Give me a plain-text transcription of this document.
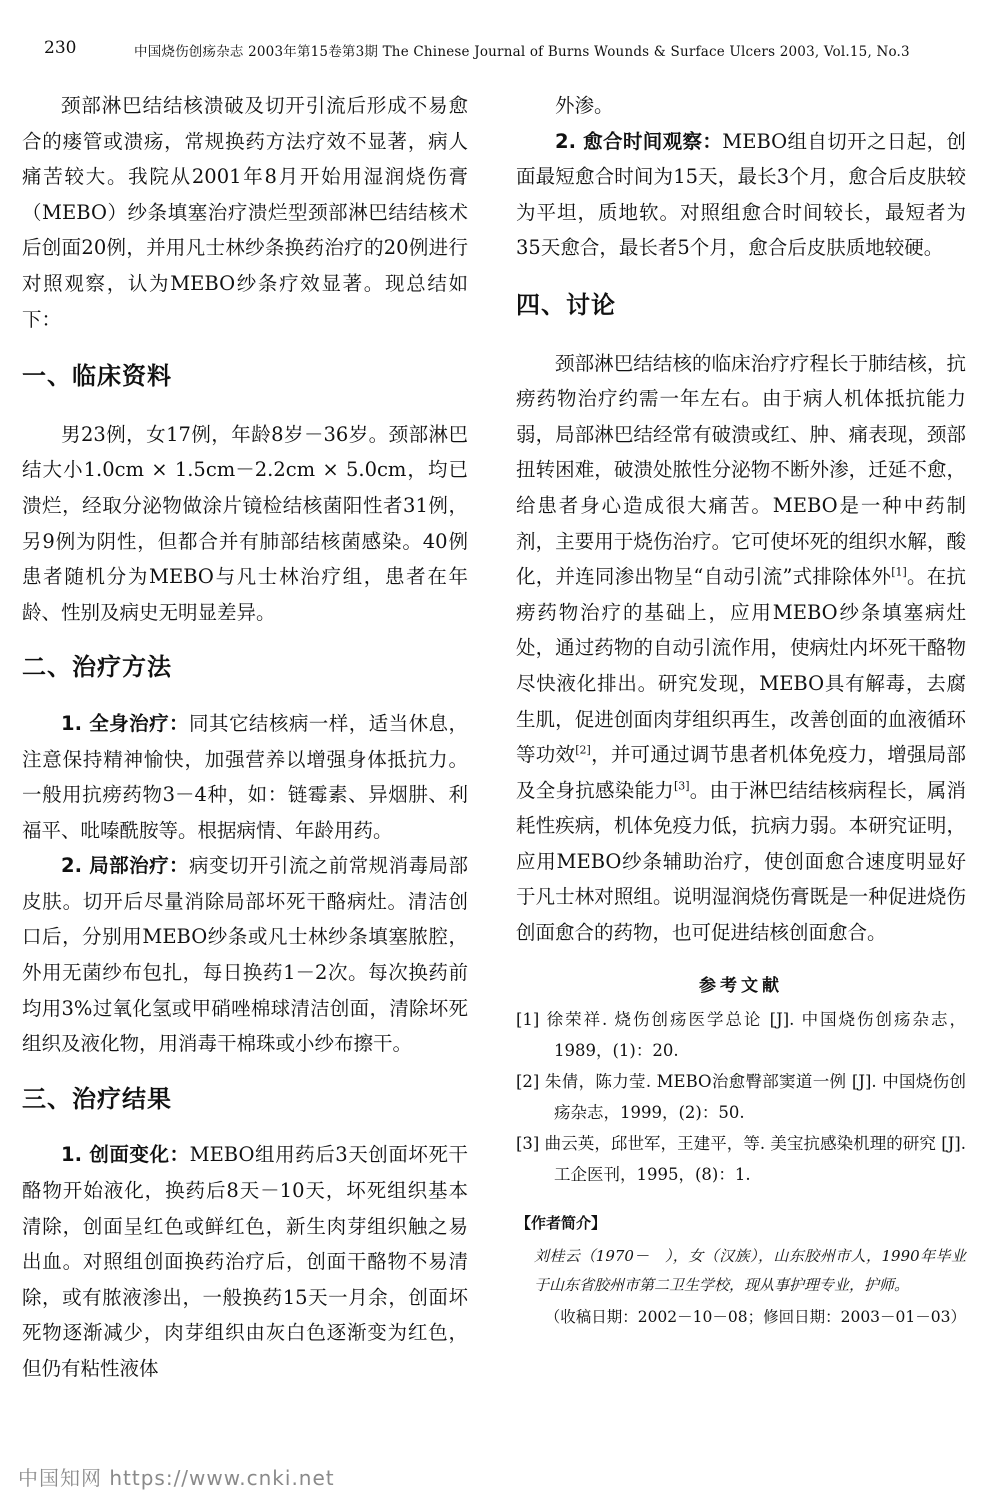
230	中国烧伤创疡杂志 2003年第15卷第3期 The Chinese Journal of Burns Wounds & Surface Ulcers 2003, Vol.15, No.3

颈部淋巴结结核溃破及切开引流后形成不易愈合的瘘管或溃疡，常规换药方法疗效不显著，病人痛苦较大。我院从2001年8月开始用湿润烧伤膏（MEBO）纱条填塞治疗溃烂型颈部淋巴结结核术后创面20例，并用凡士林纱条换药治疗的20例进行对照观察，认为MEBO纱条疗效显著。现总结如下：

一、临床资料

男23例，女17例，年龄8岁－36岁。颈部淋巴结大小1.0cm × 1.5cm－2.2cm × 5.0cm，均已溃烂，经取分泌物做涂片镜检结核菌阳性者31例，另9例为阴性，但都合并有肺部结核菌感染。40例患者随机分为MEBO与凡士林治疗组，患者在年龄、性别及病史无明显差异。

二、治疗方法

1. 全身治疗：同其它结核病一样，适当休息，注意保持精神愉快，加强营养以增强身体抵抗力。一般用抗痨药物3－4种，如：链霉素、异烟肼、利福平、吡嗪酰胺等。根据病情、年龄用药。

2. 局部治疗：病变切开引流之前常规消毒局部皮肤。切开后尽量消除局部坏死干酪病灶。清洁创口后，分别用MEBO纱条或凡士林纱条填塞脓腔，外用无菌纱布包扎，每日换药1－2次。每次换药前均用3%过氧化氢或甲硝唑棉球清洁创面，清除坏死组织及液化物，用消毒干棉珠或小纱布擦干。

三、治疗结果

1. 创面变化：MEBO组用药后3天创面坏死干酪物开始液化，换药后8天－10天，坏死组织基本清除，创面呈红色或鲜红色，新生肉芽组织触之易出血。对照组创面换药治疗后，创面干酪物不易清除，或有脓液渗出，一般换药15天一月余，创面坏死物逐渐减少，肉芽组织由灰白色逐渐变为红色，但仍有粘性液体

外渗。

2. 愈合时间观察：MEBO组自切开之日起，创面最短愈合时间为15天，最长3个月，愈合后皮肤较为平坦，质地软。对照组愈合时间较长，最短者为35天愈合，最长者5个月，愈合后皮肤质地较硬。

四、讨论

颈部淋巴结结核的临床治疗疗程长于肺结核，抗痨药物治疗约需一年左右。由于病人机体抵抗能力弱，局部淋巴结经常有破溃或红、肿、痛表现，颈部扭转困难，破溃处脓性分泌物不断外渗，迁延不愈，给患者身心造成很大痛苦。MEBO是一种中药制剂，主要用于烧伤治疗。它可使坏死的组织水解，酸化，并连同渗出物呈“自动引流”式排除体外[1]。在抗痨药物治疗的基础上，应用MEBO纱条填塞病灶处，通过药物的自动引流作用，使病灶内坏死干酪物尽快液化排出。研究发现，MEBO具有解毒，去腐生肌，促进创面肉芽组织再生，改善创面的血液循环等功效[2]，并可通过调节患者机体免疫力，增强局部及全身抗感染能力[3]。由于淋巴结结核病程长，属消耗性疾病，机体免疫力低，抗病力弱。本研究证明，应用MEBO纱条辅助治疗，使创面愈合速度明显好于凡士林对照组。说明湿润烧伤膏既是一种促进烧伤创面愈合的药物，也可促进结核创面愈合。

参考文献
[1] 徐荣祥. 烧伤创疡医学总论 [J]. 中国烧伤创疡杂志，1989，(1)：20.
[2] 朱倩，陈力莹. MEBO治愈臀部窦道一例 [J]. 中国烧伤创疡杂志，1999，(2)：50.
[3] 曲云英，邱世军，王建平，等. 美宝抗感染机理的研究 [J]. 工企医刊，1995，(8)：1.
【作者简介】
刘桂云（1970－　），女（汉族），山东胶州市人，1990年毕业于山东省胶州市第二卫生学校，现从事护理专业，护师。
（收稿日期：2002－10－08；修回日期：2003－01－03）
中国知网 https://www.cnki.net
